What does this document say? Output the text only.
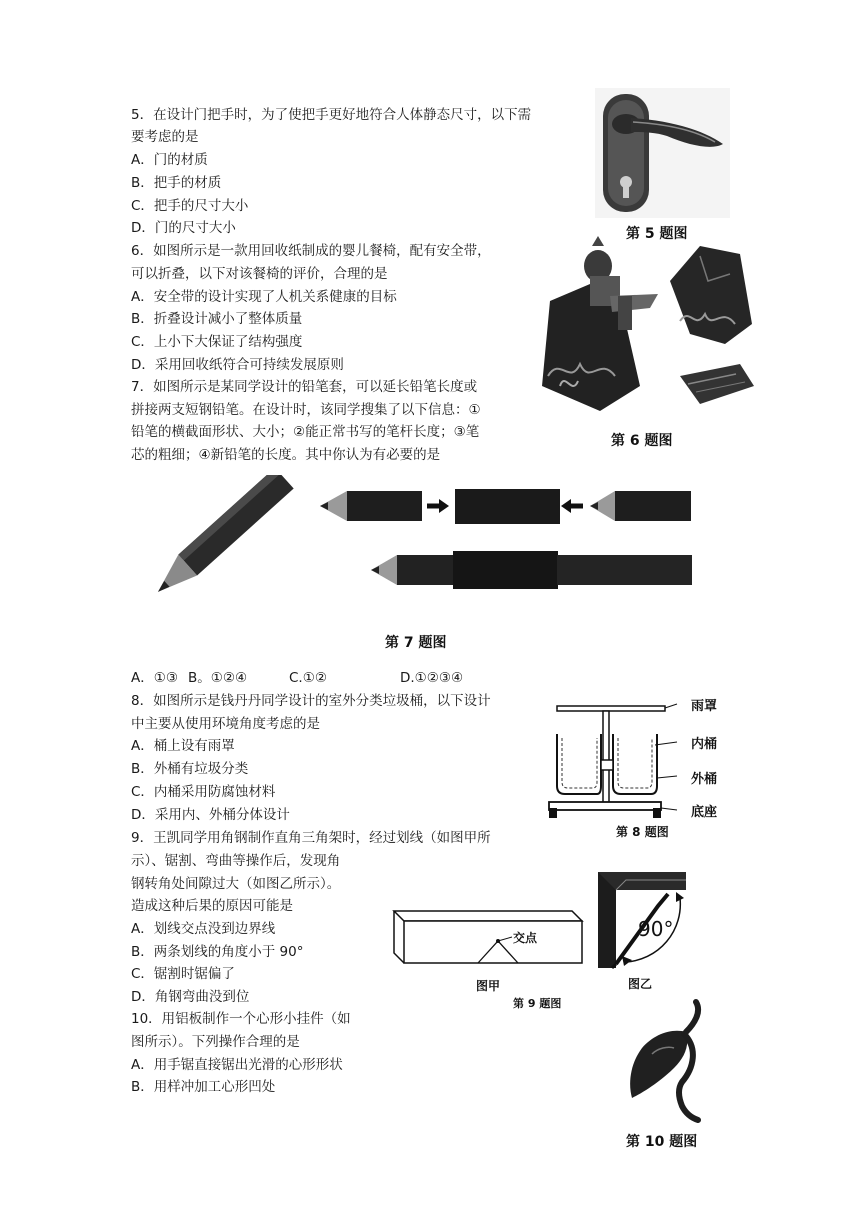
5．在设计门把手时，为了使把手更好地符合人体静态尺寸，以下需
要考虑的是
A．门的材质
B．把手的材质
C．把手的尺寸大小
D．门的尺寸大小	第 5 题图
6．如图所示是一款用回收纸制成的婴儿餐椅，配有安全带，
可以折叠，以下对该餐椅的评价，合理的是
A．安全带的设计实现了人机关系健康的目标
B．折叠设计减小了整体质量
C．上小下大保证了结构强度
D．采用回收纸符合可持续发展原则
第 6 题图
7．如图所示是某同学设计的铅笔套，可以延长铅笔长度或
拼接两支短钢铅笔。在设计时，该同学搜集了以下信息：①
铅笔的横截面形状、大小；②能正常书写的笔杆长度；③笔
芯的粗细；④新铅笔的长度。其中你认为有必要的是
第 7 题图
A．①③ B。①②④	C.①②	D.①②③④
8．如图所示是钱丹丹同学设计的室外分类垃圾桶，以下设计
中主要从使用环境角度考虑的是
A．桶上设有雨罩
B．外桶有垃圾分类
C．内桶采用防腐蚀材料
D．采用内、外桶分体设计
雨罩
内桶
外桶
底座
第 8 题图
9．王凯同学用角钢制作直角三角架时，经过划线（如图甲所
示）、锯割、弯曲等操作后，发现角
钢转角处间隙过大（如图乙所示）。
造成这种后果的原因可能是
A．划线交点没到边界线
B．两条划线的角度小于 90°
C．锯割时锯偏了
D．角钢弯曲没到位
交点
图甲
第 9 题图
90°
图乙
10．用铝板制作一个心形小挂件（如
图所示）。下列操作合理的是
A．用手锯直接锯出光滑的心形形状
B．用样冲加工心形凹处
第 10 题图
